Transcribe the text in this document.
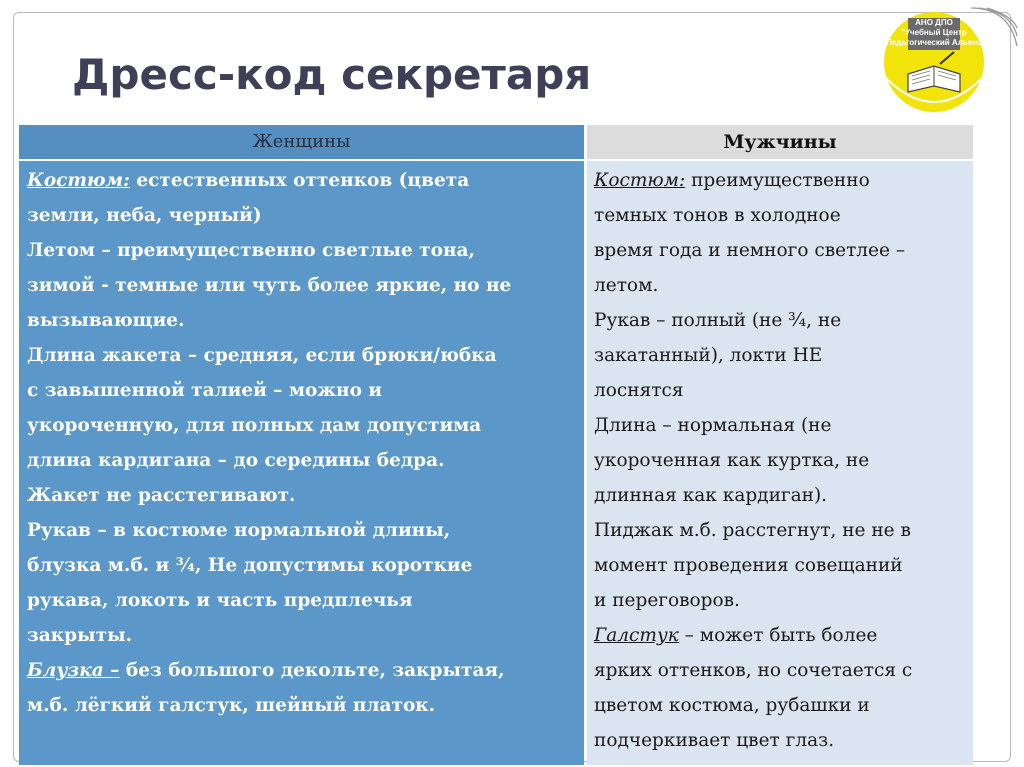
Дресс-код секретаря
АНО ДПО
"Учебный Центр
"Педагогический Альянс"
Женщины	Мужчины
Костюм: естественных оттенков (цвета
земли, неба, черный)
Летом – преимущественно светлые тона,
зимой - темные или чуть более яркие, но не
вызывающие.
Длина жакета – средняя, если брюки/юбка
с завышенной талией – можно и
укороченную, для полных дам допустима
длина кардигана – до середины бедра.
Жакет не расстегивают.
Рукав – в костюме нормальной длины,
блузка м.б. и ¾, Не допустимы короткие
рукава, локоть и часть предплечья
закрыты.
Блузка – без большого декольте, закрытая,
м.б. лёгкий галстук, шейный платок.
Костюм: преимущественно
темных тонов в холодное
время года и немного светлее –
летом.
Рукав – полный (не ¾, не
закатанный), локти НЕ
лоснятся
Длина – нормальная (не
укороченная как куртка, не
длинная как кардиган).
Пиджак м.б. расстегнут, не не в
момент проведения совещаний
и переговоров.
Галстук – может быть более
ярких оттенков, но сочетается с
цветом костюма, рубашки и
подчеркивает цвет глаз.
